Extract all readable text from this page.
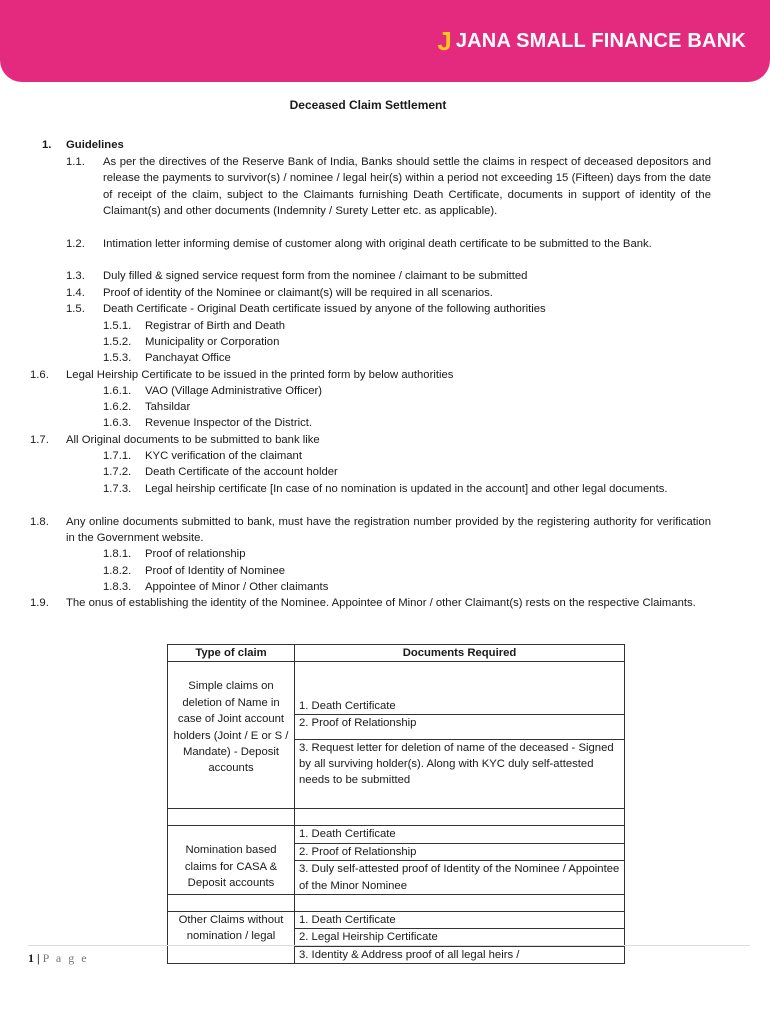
J JANA SMALL FINANCE BANK
Deceased Claim Settlement
1. Guidelines
1.1. As per the directives of the Reserve Bank of India, Banks should settle the claims in respect of deceased depositors and release the payments to survivor(s) / nominee / legal heir(s) within a period not exceeding 15 (Fifteen) days from the date of receipt of the claim, subject to the Claimants furnishing Death Certificate, documents in support of identity of the Claimant(s) and other documents (Indemnity / Surety Letter etc. as applicable).
1.2. Intimation letter informing demise of customer along with original death certificate to be submitted to the Bank.
1.3. Duly filled & signed service request form from the nominee / claimant to be submitted
1.4. Proof of identity of the Nominee or claimant(s) will be required in all scenarios.
1.5. Death Certificate - Original Death certificate issued by anyone of the following authorities
1.5.1. Registrar of Birth and Death
1.5.2. Municipality or Corporation
1.5.3. Panchayat Office
1.6. Legal Heirship Certificate to be issued in the printed form by below authorities
1.6.1. VAO (Village Administrative Officer)
1.6.2. Tahsildar
1.6.3. Revenue Inspector of the District.
1.7. All Original documents to be submitted to bank like
1.7.1. KYC verification of the claimant
1.7.2. Death Certificate of the account holder
1.7.3. Legal heirship certificate [In case of no nomination is updated in the account] and other legal documents.
1.8. Any online documents submitted to bank, must have the registration number provided by the registering authority for verification in the Government website.
1.8.1. Proof of relationship
1.8.2. Proof of Identity of Nominee
1.8.3. Appointee of Minor / Other claimants
1.9. The onus of establishing the identity of the Nominee. Appointee of Minor / other Claimant(s) rests on the respective Claimants.
Type of claim	Documents Required
Simple claims on deletion of Name in case of Joint account holders (Joint / E or S / Mandate) - Deposit accounts	1. Death Certificate
	2. Proof of Relationship
	3. Request letter for deletion of name of the deceased - Signed by all surviving holder(s). Along with KYC duly self-attested needs to be submitted

Nomination based claims for CASA & Deposit accounts	1. Death Certificate
	2. Proof of Relationship
	3. Duly self-attested proof of Identity of the Nominee / Appointee of the Minor Nominee

Other Claims without nomination / legal	1. Death Certificate
	2. Legal Heirship Certificate
	3. Identity & Address proof of all legal heirs /
1 | P a g e
